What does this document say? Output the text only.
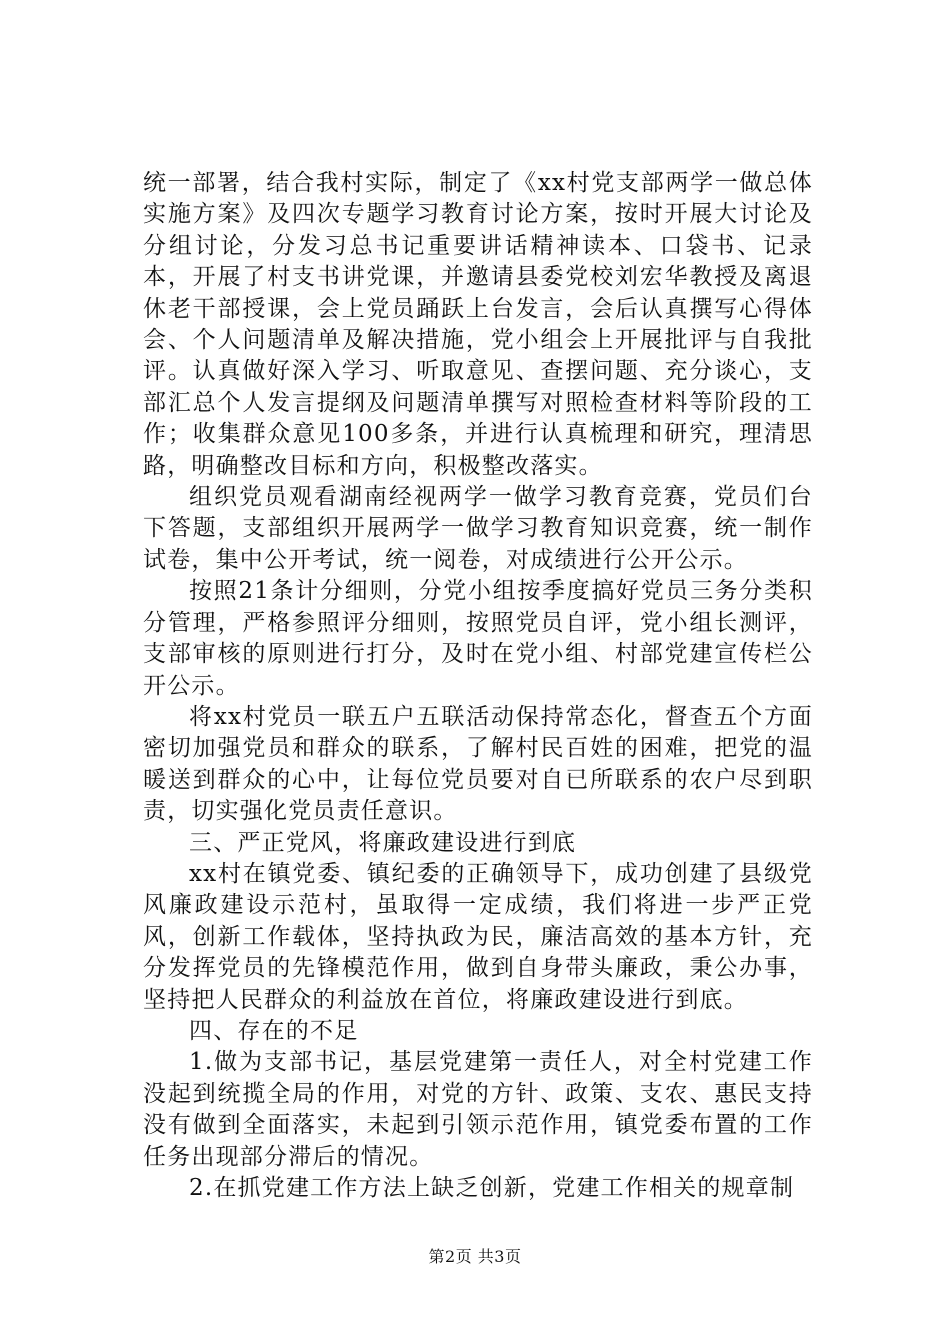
统一部署，结合我村实际，制定了《xx村党支部两学一做总体实施方案》及四次专题学习教育讨论方案，按时开展大讨论及分组讨论，分发习总书记重要讲话精神读本、口袋书、记录本，开展了村支书讲党课，并邀请县委党校刘宏华教授及离退休老干部授课，会上党员踊跃上台发言，会后认真撰写心得体会、个人问题清单及解决措施，党小组会上开展批评与自我批评。认真做好深入学习、听取意见、查摆问题、充分谈心，支部汇总个人发言提纲及问题清单撰写对照检查材料等阶段的工作；收集群众意见100多条，并进行认真梳理和研究，理清思路，明确整改目标和方向，积极整改落实。

组织党员观看湖南经视两学一做学习教育竞赛，党员们台下答题，支部组织开展两学一做学习教育知识竞赛，统一制作试卷，集中公开考试，统一阅卷，对成绩进行公开公示。

按照21条计分细则，分党小组按季度搞好党员三务分类积分管理，严格参照评分细则，按照党员自评，党小组长测评，支部审核的原则进行打分，及时在党小组、村部党建宣传栏公开公示。

将xx村党员一联五户五联活动保持常态化，督查五个方面密切加强党员和群众的联系，了解村民百姓的困难，把党的温暖送到群众的心中，让每位党员要对自已所联系的农户尽到职责，切实强化党员责任意识。

三、严正党风，将廉政建设进行到底

xx村在镇党委、镇纪委的正确领导下，成功创建了县级党风廉政建设示范村，虽取得一定成绩，我们将进一步严正党风，创新工作载体，坚持执政为民，廉洁高效的基本方针，充分发挥党员的先锋模范作用，做到自身带头廉政，秉公办事，坚持把人民群众的利益放在首位，将廉政建设进行到底。

四、存在的不足

1.做为支部书记，基层党建第一责任人，对全村党建工作没起到统揽全局的作用，对党的方针、政策、支农、惠民支持没有做到全面落实，未起到引领示范作用，镇党委布置的工作任务出现部分滞后的情况。

2.在抓党建工作方法上缺乏创新，党建工作相关的规章制

第2页 共3页
